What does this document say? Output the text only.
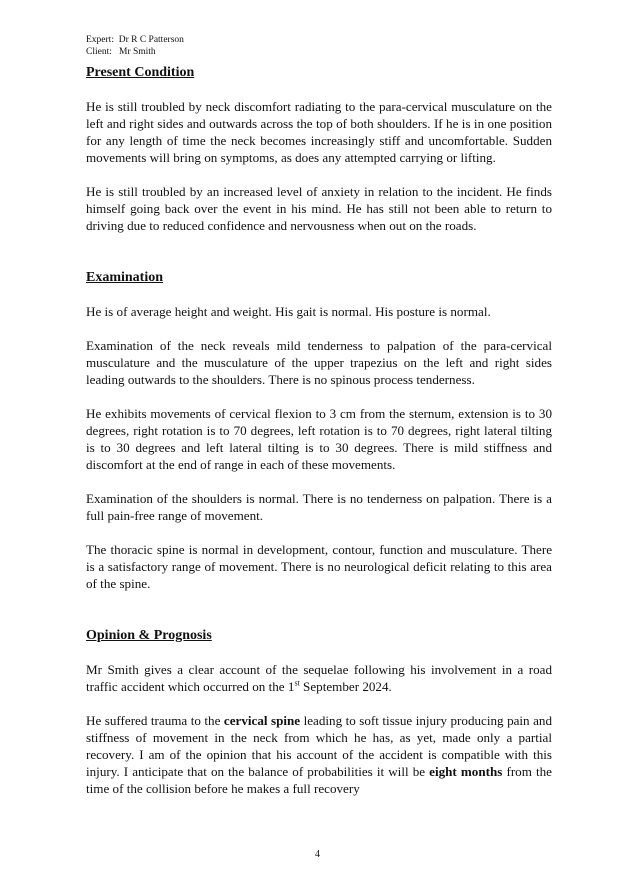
Expert: Dr R C Patterson
Client: Mr Smith
Present Condition

He is still troubled by neck discomfort radiating to the para-cervical musculature on the left and right sides and outwards across the top of both shoulders. If he is in one position for any length of time the neck becomes increasingly stiff and uncomfortable. Sudden movements will bring on symptoms, as does any attempted carrying or lifting.

He is still troubled by an increased level of anxiety in relation to the incident. He finds himself going back over the event in his mind. He has still not been able to return to driving due to reduced confidence and nervousness when out on the roads.

Examination

He is of average height and weight. His gait is normal. His posture is normal.

Examination of the neck reveals mild tenderness to palpation of the para-cervical musculature and the musculature of the upper trapezius on the left and right sides leading outwards to the shoulders. There is no spinous process tenderness.

He exhibits movements of cervical flexion to 3 cm from the sternum, extension is to 30 degrees, right rotation is to 70 degrees, left rotation is to 70 degrees, right lateral tilting is to 30 degrees and left lateral tilting is to 30 degrees. There is mild stiffness and discomfort at the end of range in each of these movements.

Examination of the shoulders is normal. There is no tenderness on palpation. There is a full pain-free range of movement.

The thoracic spine is normal in development, contour, function and musculature. There is a satisfactory range of movement. There is no neurological deficit relating to this area of the spine.

Opinion & Prognosis

Mr Smith gives a clear account of the sequelae following his involvement in a road traffic accident which occurred on the 1st September 2024.

He suffered trauma to the cervical spine leading to soft tissue injury producing pain and stiffness of movement in the neck from which he has, as yet, made only a partial recovery. I am of the opinion that his account of the accident is compatible with this injury. I anticipate that on the balance of probabilities it will be eight months from the time of the collision before he makes a full recovery

4
